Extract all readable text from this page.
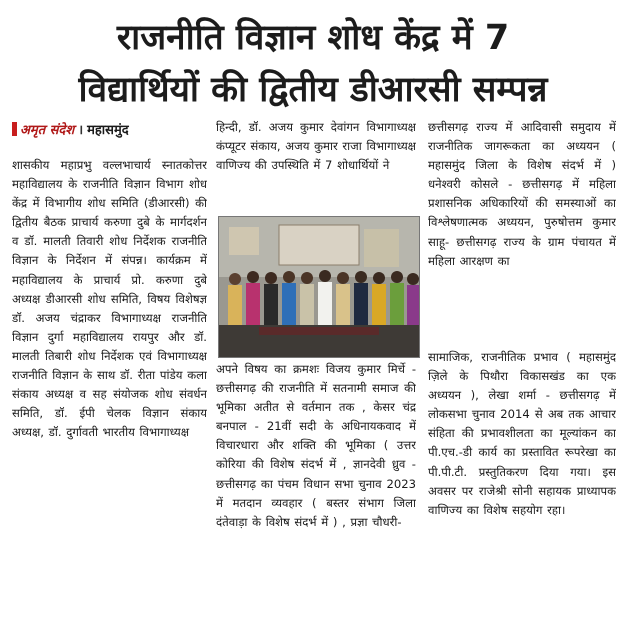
राजनीति विज्ञान शोध केंद्र में 7
विद्यार्थियों की द्वितीय डीआरसी सम्पन्न
अमृत संदेश । महासमुंद

शासकीय महाप्रभु वल्लभाचार्य स्नातकोत्तर महाविद्यालय के राजनीति विज्ञान विभाग शोध केंद्र में विभागीय शोध समिति (डीआरसी) की द्वितीय बैठक प्राचार्य करुणा दुबे के मार्गदर्शन व डॉ. मालती तिवारी शोध निर्देशक राजनीति विज्ञान के निर्देशन में संपन्न। कार्यक्रम में महाविद्यालय के प्राचार्य प्रो. करुणा दुबे अध्यक्ष डीआरसी शोध समिति, विषय विशेषज्ञ डॉ. अजय चंद्राकर विभागाध्यक्ष राजनीति विज्ञान दुर्गा महाविद्यालय रायपुर और डॉ. मालती तिबारी शोध निर्देशक एवं विभागाध्यक्ष राजनीति विज्ञान के साथ डॉ. रीता पांडेय कला संकाय अध्यक्ष व सह संयोजक शोध संवर्धन समिति, डॉ. ईपी चेलक विज्ञान संकाय अध्यक्ष, डॉ. दुर्गावती भारतीय विभागाध्यक्ष

हिन्दी, डॉ. अजय कुमार देवांगन विभागाध्यक्ष कंप्यूटर संकाय, अजय कुमार राजा विभागाध्यक्ष वाणिज्य की उपस्थिति में 7 शोधार्थियों ने

छत्तीसगढ़ राज्य में आदिवासी समुदाय में राजनीतिक जागरूकता का अध्ययन ( महासमुंद जिला के विशेष संदर्भ में ) धनेश्वरी कोसले - छत्तीसगढ़ में महिला प्रशासनिक अधिकारियों की समस्याओं का विश्लेषणात्मक अध्ययन, पुरुषोत्तम कुमार साहू- छत्तीसगढ़ राज्य के ग्राम पंचायत में महिला आरक्षण का

अपने विषय का क्रमशः विजय कुमार मिर्चे - छत्तीसगढ़ की राजनीति में सतनामी समाज की भूमिका अतीत से वर्तमान तक , केसर चंद्र बनपाल - 21वीं सदी के अधिनायकवाद में विचारधारा और शक्ति की भूमिका ( उत्तर कोरिया की विशेष संदर्भ में , ज्ञानदेवी ध्रुव - छत्तीसगढ़ का पंचम विधान सभा चुनाव 2023 में मतदान व्यवहार ( बस्तर संभाग जिला दंतेवाड़ा के विशेष संदर्भ में ) , प्रज्ञा चौधरी-

सामाजिक, राजनीतिक प्रभाव ( महासमुंद ज़िले के पिथौरा विकासखंड का एक अध्ययन ), लेखा शर्मा - छत्तीसगढ़ में लोकसभा चुनाव 2014 से अब तक आचार संहिता की प्रभावशीलता का मूल्यांकन का पी.एच.-डी कार्य का प्रस्तावित रूपरेखा का पी.पी.टी. प्रस्तुतिकरण दिया गया। इस अवसर पर राजेश्री सोनी सहायक प्राध्यापक वाणिज्य का विशेष सहयोग रहा।
